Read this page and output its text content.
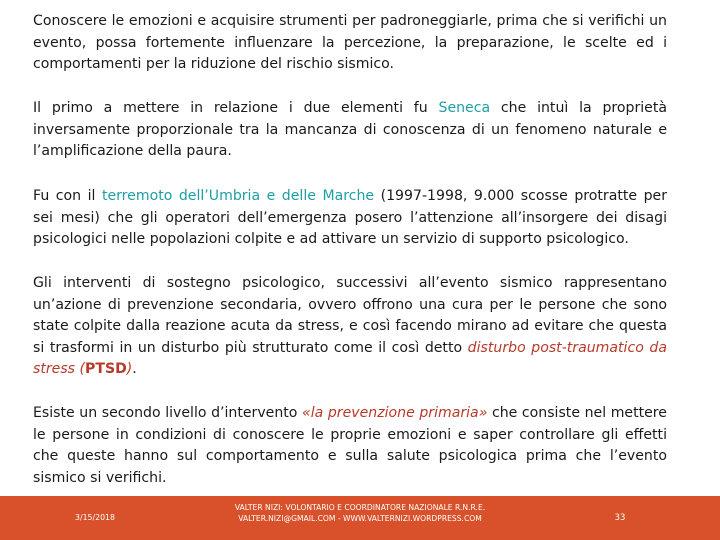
Conoscere le emozioni e acquisire strumenti per padroneggiarle, prima che si verifichi un evento, possa fortemente influenzare la percezione, la preparazione, le scelte ed i comportamenti per la riduzione del rischio sismico.

Il primo a mettere in relazione i due elementi fu Seneca che intuì la proprietà inversamente proporzionale tra la mancanza di conoscenza di un fenomeno naturale e l’amplificazione della paura.

Fu con il terremoto dell’Umbria e delle Marche (1997-1998, 9.000 scosse protratte per sei mesi) che gli operatori dell’emergenza posero l’attenzione all’insorgere dei disagi psicologici nelle popolazioni colpite e ad attivare un servizio di supporto psicologico.

Gli interventi di sostegno psicologico, successivi all’evento sismico rappresentano un’azione di prevenzione secondaria, ovvero offrono una cura per le persone che sono state colpite dalla reazione acuta da stress, e così facendo mirano ad evitare che questa si trasformi in un disturbo più strutturato come il così detto disturbo post-traumatico da stress (PTSD).

Esiste un secondo livello d’intervento «la prevenzione primaria» che consiste nel mettere le persone in condizioni di conoscere le proprie emozioni e saper controllare gli effetti che queste hanno sul comportamento e sulla salute psicologica prima che l’evento sismico si verifichi.

3/15/2018
VALTER NIZI: VOLONTARIO E COORDINATORE NAZIONALE R.N.R.E.
VALTER.NIZI@GMAIL.COM - WWW.VALTERNIZI.WORDPRESS.COM	33
